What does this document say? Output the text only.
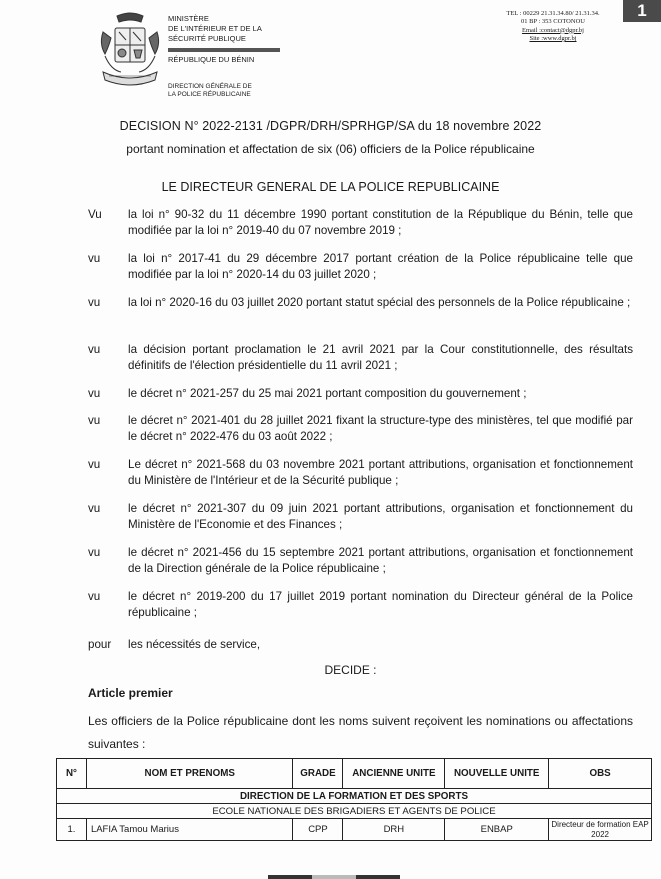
MINISTÈRE
DE L'INTÉRIEUR ET DE LA
SÉCURITÉ PUBLIQUE
RÉPUBLIQUE DU BÉNIN
DIRECTION GÉNÉRALE DE
LA POLICE RÉPUBLICAINE
TEL : 00229 21.31.34.80/ 21.31.34.
01 BP : 353 COTONOU
Email :contact@dgpr.bj
Site :www.dgpr.bj
1
DECISION N° 2022-2131 /DGPR/DRH/SPRHGP/SA du 18 novembre 2022
portant nomination et affectation de six (06) officiers de la Police républicaine
LE DIRECTEUR GENERAL DE LA POLICE REPUBLICAINE
Vu	la loi n° 90-32 du 11 décembre 1990 portant constitution de la République du Bénin, telle que modifiée par la loi n° 2019-40 du 07 novembre 2019 ;
vu	la loi n° 2017-41 du 29 décembre 2017 portant création de la Police républicaine telle que modifiée par la loi n° 2020-14 du 03 juillet 2020 ;
vu	la loi n° 2020-16 du 03 juillet 2020 portant statut spécial des personnels de la Police républicaine ;
vu	la décision portant proclamation le 21 avril 2021 par la Cour constitutionnelle, des résultats définitifs de l'élection présidentielle du 11 avril 2021 ;
vu	le décret n° 2021-257 du 25 mai 2021 portant composition du gouvernement ;
vu	le décret n° 2021-401 du 28 juillet 2021 fixant la structure-type des ministères, tel que modifié par le décret n° 2022-476 du 03 août 2022 ;
vu	Le décret n° 2021-568 du 03 novembre 2021 portant attributions, organisation et fonctionnement du Ministère de l'Intérieur et de la Sécurité publique ;
vu	le décret n° 2021-307 du 09 juin 2021 portant attributions, organisation et fonctionnement du Ministère de l'Economie et des Finances ;
vu	le décret n° 2021-456 du 15 septembre 2021 portant attributions, organisation et fonctionnement de la Direction générale de la Police républicaine ;
vu	le décret n° 2019-200 du 17 juillet 2019 portant nomination du Directeur général de la Police républicaine ;
pour	les nécessités de service,
DECIDE :
Article premier
Les officiers de la Police républicaine dont les noms suivent reçoivent les nominations ou affectations suivantes :
N°	NOM ET PRENOMS	GRADE	ANCIENNE UNITE	NOUVELLE UNITE	OBS
DIRECTION DE LA FORMATION ET DES SPORTS					
ECOLE NATIONALE DES BRIGADIERS ET AGENTS DE POLICE					
1.	LAFIA Tamou Marius	CPP	DRH	ENBAP	Directeur de formation EAP 2022
